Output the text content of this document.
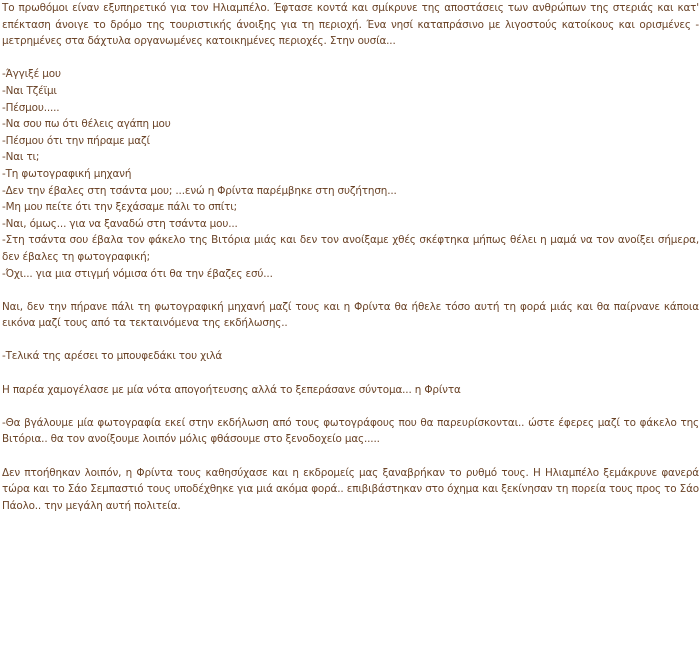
Το πρωθόμοι είναν εξυπηρετικό για τον Ηλιαμπέλο. Έφτασε κοντά και σμίκρυνε της αποστάσεις των ανθρώπων της στεριάς και κατ' επέκταση άνοιγε το δρόμο της τουριστικής άνοιξης για τη περιοχή. Ένα νησί καταπράσινο με λιγοστούς κατοίκους και ορισμένες - μετρημένες στα δάχτυλα οργανωμένες κατοικημένες περιοχές. Στην ουσία...

-Άγγιξέ μου

-Ναι Τζέϊμι

-Πέσμου.....

-Να σου πω ότι θέλεις αγάπη μου

-Πέσμου ότι την πήραμε μαζί

-Ναι τι;

-Τη φωτογραφική μηχανή

-Δεν την έβαλες στη τσάντα μου; ...ενώ η Φρίντα παρέμβηκε στη συζήτηση...

-Μη μου πείτε ότι την ξεχάσαμε πάλι το σπίτι;

-Ναι, όμως... για να ξαναδώ στη τσάντα μου...

-Στη τσάντα σου έβαλα τον φάκελο της Βιτόρια μιάς και δεν τον ανοίξαμε χθές σκέφτηκα μήπως θέλει η μαμά να τον ανοίξει σήμερα, δεν έβαλες τη φωτογραφική;

-Όχι... για μια στιγμή νόμισα ότι θα την έβαζες εσύ...

Ναι, δεν την πήρανε πάλι τη φωτογραφική μηχανή μαζί τους και η Φρίντα θα ήθελε τόσο αυτή τη φορά μιάς και θα παίρνανε κάποια εικόνα μαζί τους από τα τεκταινόμενα της εκδήλωσης..

-Τελικά της αρέσει το μπουφεδάκι του χιλά

Η παρέα χαμογέλασε με μία νότα απογοήτευσης αλλά το ξεπεράσανε σύντομα... η Φρίντα

-Θα βγάλουμε μία φωτογραφία εκεί στην εκδήλωση από τους φωτογράφους που θα παρευρίσκονται.. ώστε έφερες μαζί το φάκελο της Βιτόρια.. θα τον ανοίξουμε λοιπόν μόλις φθάσουμε στο ξενοδοχείο μας.....

Δεν πτοήθηκαν λοιπόν, η Φρίντα τους καθησύχασε και η εκδρομείς μας ξαναβρήκαν το ρυθμό τους. Η Ηλιαμπέλο ξεμάκρυνε φανερά τώρα και το Σάο Σεμπαστιό τους υποδέχθηκε για μιά ακόμα φορά.. επιβιβάστηκαν στο όχημα και ξεκίνησαν τη πορεία τους προς το Σάο Πάολο.. την μεγάλη αυτή πολιτεία.
